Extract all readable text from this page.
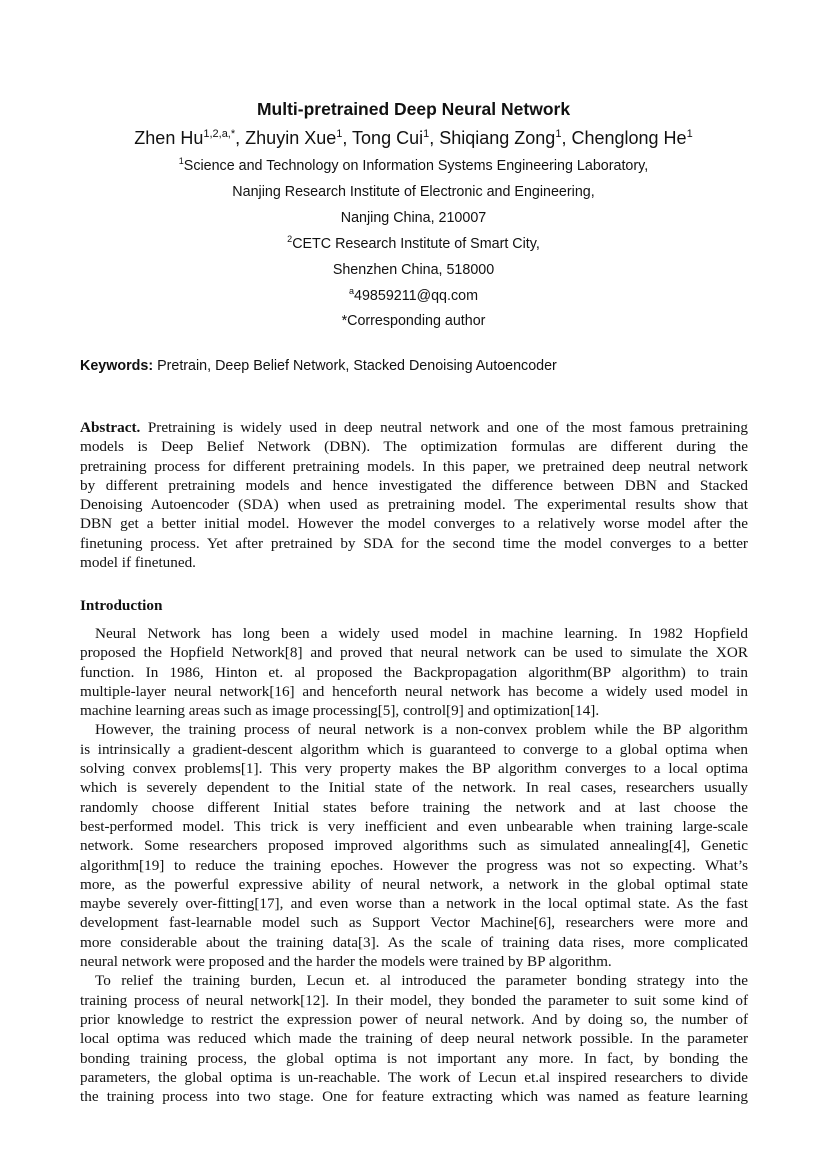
Multi-pretrained Deep Neural Network
Zhen $Hu^{1,2,a,*}$, Zhuyin Xue$^1$, Tong Cui$^1$, Shiqiang Zong$^1$, Chenglong He$^1$
$^1$Science and Technology on Information Systems Engineering Laboratory,
Nanjing Research Institute of Electronic and Engineering,
Nanjing China, 210007
$^2$CETC Research Institute of Smart City,
Shenzhen China, 518000
$^a$49859211@qq.com
*Corresponding author
Keywords: Pretrain, Deep Belief Network, Stacked Denoising Autoencoder
Abstract. Pretraining is widely used in deep neutral network and one of the most famous pretraining
models is Deep Belief Network (DBN). The optimization formulas are different during the
pretraining process for different pretraining models. In this paper, we pretrained deep neutral network
by different pretraining models and hence investigated the difference between DBN and Stacked
Denoising Autoencoder (SDA) when used as pretraining model. The experimental results show that
DBN get a better initial model. However the model converges to a relatively worse model after the
finetuning process. Yet after pretrained by SDA for the second time the model converges to a better
model if finetuned.
Introduction
Neural Network has long been a widely used model in machine learning. In 1982 Hopfield
proposed the Hopfield Network[8] and proved that neural network can be used to simulate the XOR
function. In 1986, Hinton et. al proposed the Backpropagation algorithm(BP algorithm) to train
multiple-layer neural network[16] and henceforth neural network has become a widely used model in
machine learning areas such as image processing[5], control[9] and optimization[14].
However, the training process of neural network is a non-convex problem while the BP algorithm
is intrinsically a gradient-descent algorithm which is guaranteed to converge to a global optima when
solving convex problems[1]. This very property makes the BP algorithm converges to a local optima
which is severely dependent to the Initial state of the network. In real cases, researchers usually
randomly choose different Initial states before training the network and at last choose the
best-performed model. This trick is very inefficient and even unbearable when training large-scale
network. Some researchers proposed improved algorithms such as simulated annealing[4], Genetic
algorithm[19] to reduce the training epoches. However the progress was not so expecting. What’s
more, as the powerful expressive ability of neural network, a network in the global optimal state
maybe severely over-fitting[17], and even worse than a network in the local optimal state. As the fast
development fast-learnable model such as Support Vector Machine[6], researchers were more and
more considerable about the training data[3]. As the scale of training data rises, more complicated
neural network were proposed and the harder the models were trained by BP algorithm.
To relief the training burden, Lecun et. al introduced the parameter bonding strategy into the
training process of neural network[12]. In their model, they bonded the parameter to suit some kind of
prior knowledge to restrict the expression power of neural network. And by doing so, the number of
local optima was reduced which made the training of deep neural network possible. In the parameter
bonding training process, the global optima is not important any more. In fact, by bonding the
parameters, the global optima is un-reachable. The work of Lecun et.al inspired researchers to divide
the training process into two stage. One for feature extracting which was named as feature learning
